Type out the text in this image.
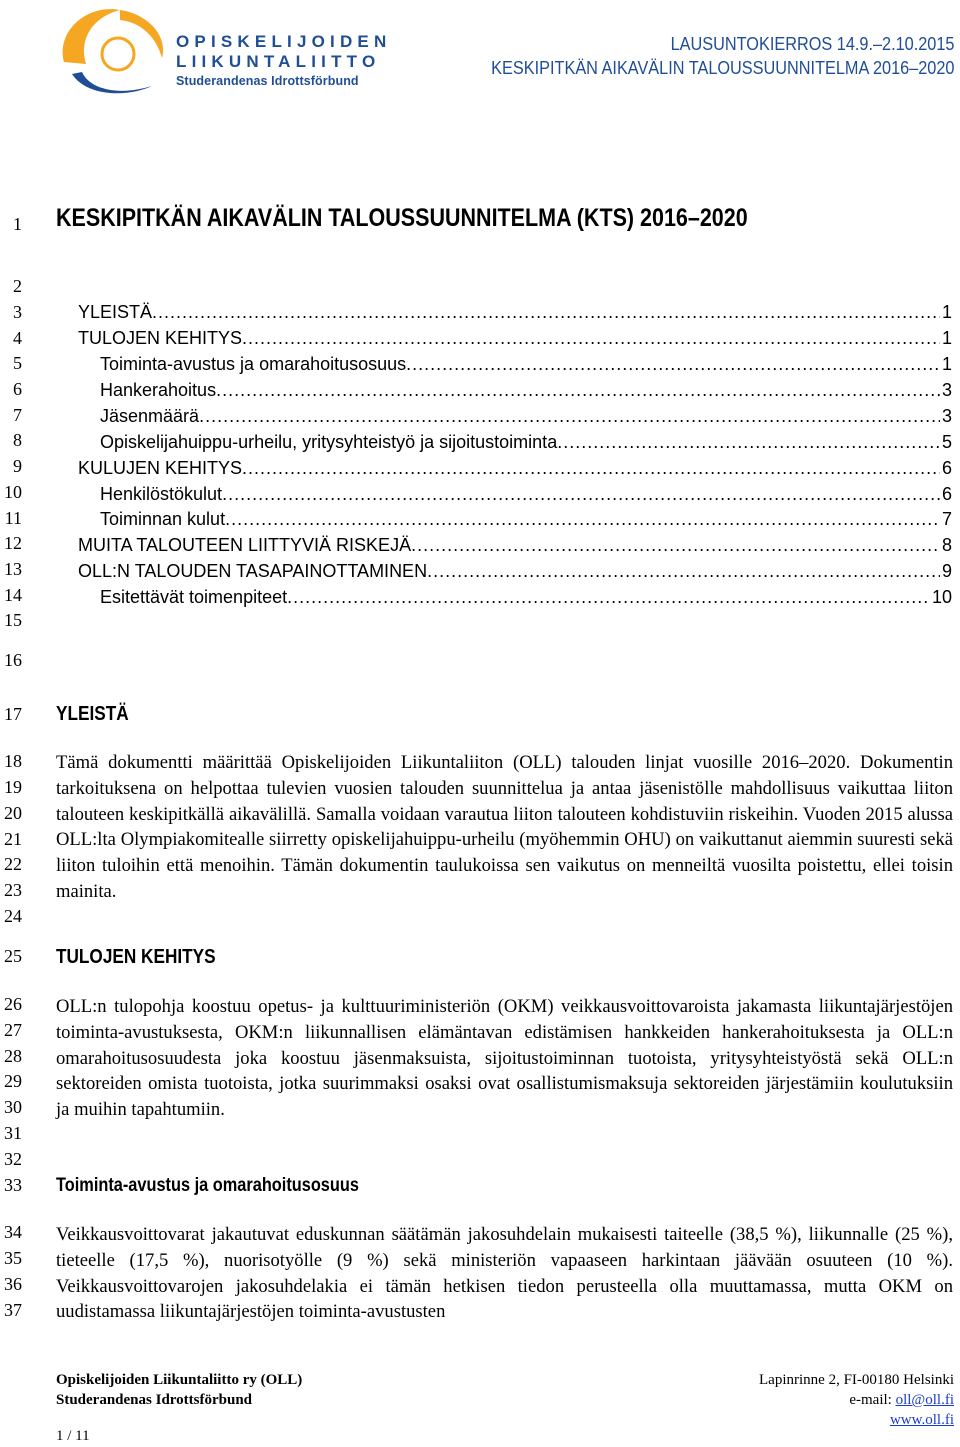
OPISKELIJOIDEN
LIIKUNTALIITTO
Studerandenas Idrottsförbund
LAUSUNTOKIERROS 14.9.–2.10.2015
KESKIPITKÄN AIKAVÄLIN TALOUSSUUNNITELMA 2016–2020
1
2
3
4
5
6
7
8
9
10
11
12
13
14
15
16
17
18
19
20
21
22
23
24
25
26
27
28
29
30
31
32
33
34
35
36
37
KESKIPITKÄN AIKAVÄLIN TALOUSSUUNNITELMA (KTS) 2016–2020
YLEISTÄ .....	1
TULOJEN KEHITYS .....	1
Toiminta-avustus ja omarahoitusosuus .....	1
Hankerahoitus .....	3
Jäsenmäärä .....	3
Opiskelijahuippu-urheilu, yritysyhteistyö ja sijoitustoiminta .....	5
KULUJEN KEHITYS .....	6
Henkilöstökulut .....	6
Toiminnan kulut .....	7
MUITA TALOUTEEN LIITTYVIÄ RISKEJÄ .....	8
OLL:N TALOUDEN TASAPAINOTTAMINEN .....	9
Esitettävät toimenpiteet .....	10
YLEISTÄ
Tämä dokumentti määrittää Opiskelijoiden Liikuntaliiton (OLL) talouden linjat vuosille 2016–2020. Dokumentin tarkoituksena on helpottaa tulevien vuosien talouden suunnittelua ja antaa jäsenistölle mahdollisuus vaikuttaa liiton talouteen keskipitkällä aikavälillä. Samalla voidaan varautua liiton talouteen kohdistuviin riskeihin. Vuoden 2015 alussa OLL:lta Olympiakomitealle siirretty opiskelijahuippu-urheilu (myöhemmin OHU) on vaikuttanut aiemmin suuresti sekä liiton tuloihin että menoihin. Tämän dokumentin taulukoissa sen vaikutus on menneiltä vuosilta poistettu, ellei toisin mainita.
TULOJEN KEHITYS
OLL:n tulopohja koostuu opetus- ja kulttuuriministeriön (OKM) veikkausvoittovaroista jakamasta liikuntajärjestöjen toiminta-avustuksesta, OKM:n liikunnallisen elämäntavan edistämisen hankkeiden hankerahoituksesta ja OLL:n omarahoitusosuudesta joka koostuu jäsenmaksuista, sijoitustoiminnan tuotoista, yritysyhteistyöstä sekä OLL:n sektoreiden omista tuotoista, jotka suurimmaksi osaksi ovat osallistumismaksuja sektoreiden järjestämiin koulutuksiin ja muihin tapahtumiin.
Toiminta-avustus ja omarahoitusosuus
Veikkausvoittovarat jakautuvat eduskunnan säätämän jakosuhdelain mukaisesti taiteelle (38,5 %), liikunnalle (25 %), tieteelle (17,5 %), nuorisotyölle (9 %) sekä ministeriön vapaaseen harkintaan jäävään osuuteen (10 %). Veikkausvoittovarojen jakosuhdelakia ei tämän hetkisen tiedon perusteella olla muuttamassa, mutta OKM on uudistamassa liikuntajärjestöjen toiminta-avustusten
Opiskelijoiden Liikuntaliitto ry (OLL)
Studerandenas Idrottsförbund
Lapinrinne 2, FI-00180 Helsinki
e-mail: oll@oll.fi
www.oll.fi
1 / 11
